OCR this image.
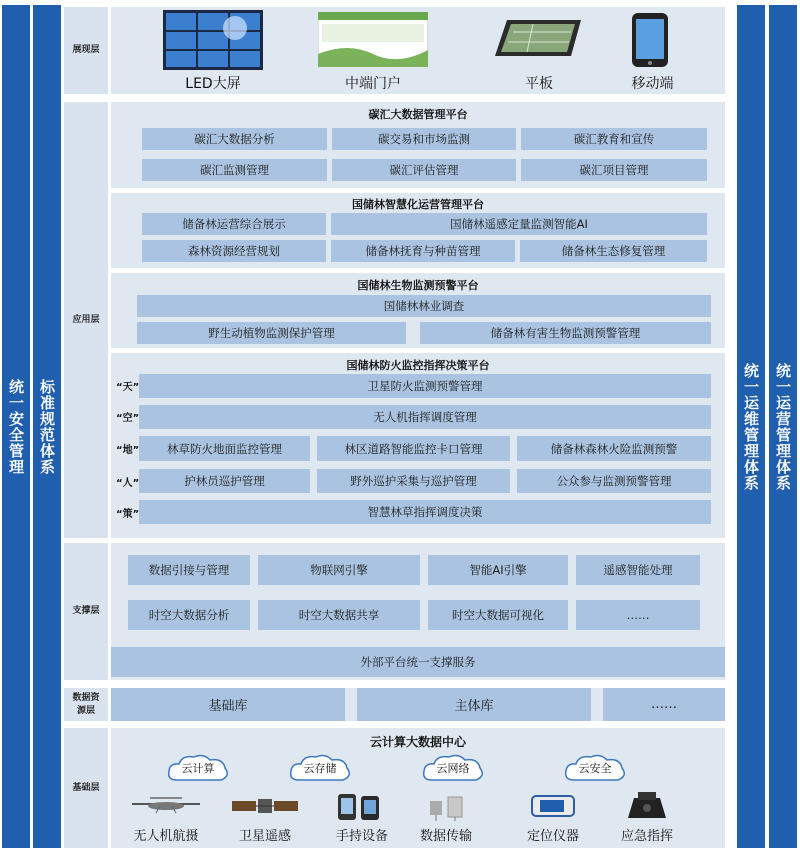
统一安全管理 标准规范体系	统一运维管理体系 统一运营管理体系
展现层
LED大屏	中端门户	平板	移动端
应用层
碳汇大数据管理平台
碳汇大数据分析	碳交易和市场监测	碳汇教育和宣传
碳汇监测管理	碳汇评估管理	碳汇项目管理
国储林智慧化运营管理平台
储备林运营综合展示	国储林遥感定量监测智能AI
森林资源经营规划	储备林抚育与种苗管理	储备林生态修复管理
国储林生物监测预警平台
国储林林业调查
野生动植物监测保护管理	储备林有害生物监测预警管理
国储林防火监控指挥决策平台
“天”	卫星防火监测预警管理
“空”	无人机指挥调度管理
“地”	林草防火地面监控管理	林区道路智能监控卡口管理	储备林森林火险监测预警
“人”	护林员巡护管理	野外巡护采集与巡护管理	公众参与监测预警管理
“策”	智慧林草指挥调度决策
支撑层
数据引接与管理	物联网引擎	智能AI引擎	遥感智能处理
时空大数据分析	时空大数据共享	时空大数据可视化	……
外部平台统一支撑服务
数据资源层	基础库	主体库	……
基础层
云计算大数据中心
云计算	云存储	云网络	云安全
无人机航摄	卫星遥感	手持设备	数据传输	定位仪器	应急指挥
